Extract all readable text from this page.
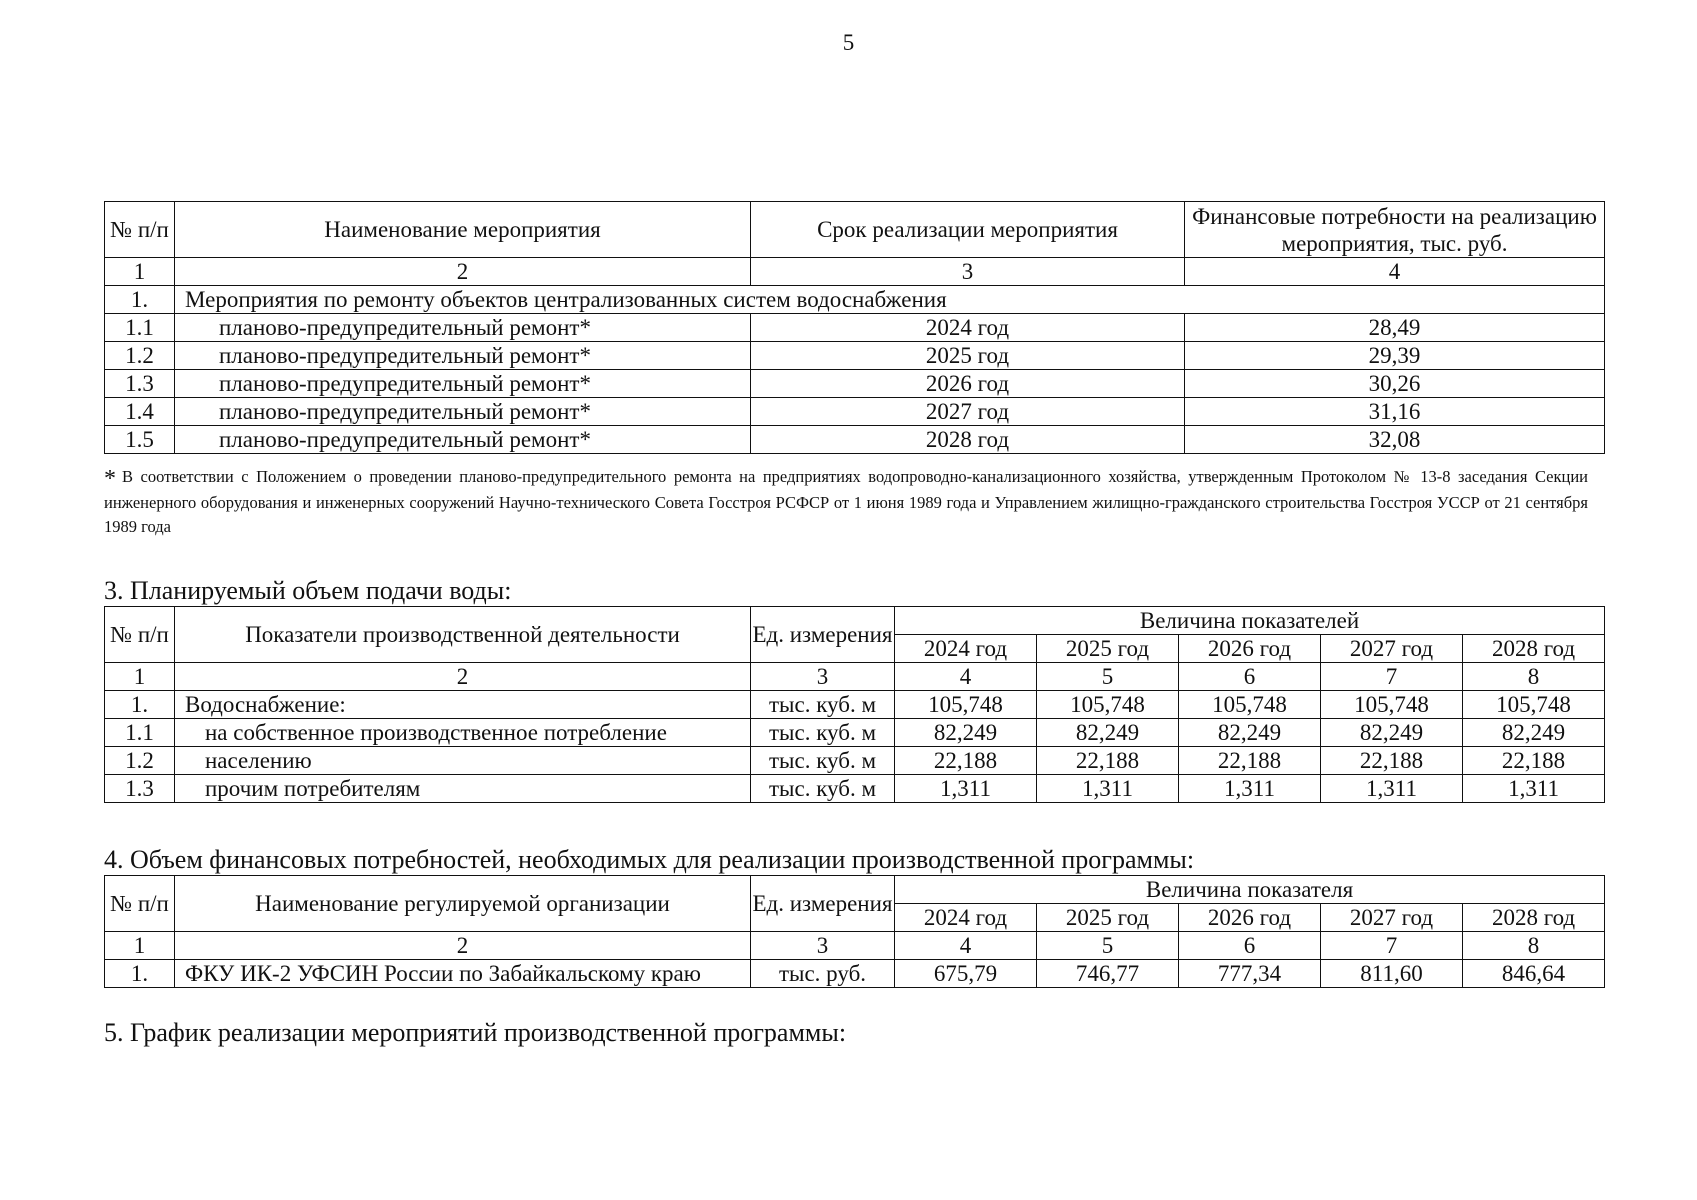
5
№ п/п	Наименование мероприятия	Срок реализации мероприятия	Финансовые потребности на реализацию мероприятия, тыс. руб.
1	2	3	4
1.	Мероприятия по ремонту объектов централизованных систем водоснабжения		
1.1	планово-предупредительный ремонт*	2024 год	28,49
1.2	планово-предупредительный ремонт*	2025 год	29,39
1.3	планово-предупредительный ремонт*	2026 год	30,26
1.4	планово-предупредительный ремонт*	2027 год	31,16
1.5	планово-предупредительный ремонт*	2028 год	32,08
* В соответствии с Положением о проведении планово-предупредительного ремонта на предприятиях водопроводно-канализационного хозяйства, утвержденным Протоколом № 13-8 заседания Секции инженерного оборудования и инженерных сооружений Научно-технического Совета Госстроя РСФСР от 1 июня 1989 года и Управлением жилищно-гражданского строительства Госстроя УССР от 21 сентября 1989 года
3. Планируемый объем подачи воды:
№ п/п	Показатели производственной деятельности	Ед. измерения	Величина показателей				
			2024 год	2025 год	2026 год	2027 год	2028 год
1	2	3	4	5	6	7	8
1.	Водоснабжение:	тыс. куб. м	105,748	105,748	105,748	105,748	105,748
1.1	на собственное производственное потребление	тыс. куб. м	82,249	82,249	82,249	82,249	82,249
1.2	населению	тыс. куб. м	22,188	22,188	22,188	22,188	22,188
1.3	прочим потребителям	тыс. куб. м	1,311	1,311	1,311	1,311	1,311
4. Объем финансовых потребностей, необходимых для реализации производственной программы:
№ п/п	Наименование регулируемой организации	Ед. измерения	Величина показателя				
			2024 год	2025 год	2026 год	2027 год	2028 год
1	2	3	4	5	6	7	8
1.	ФКУ ИК-2 УФСИН России по Забайкальскому краю	тыс. руб.	675,79	746,77	777,34	811,60	846,64
5. График реализации мероприятий производственной программы:
